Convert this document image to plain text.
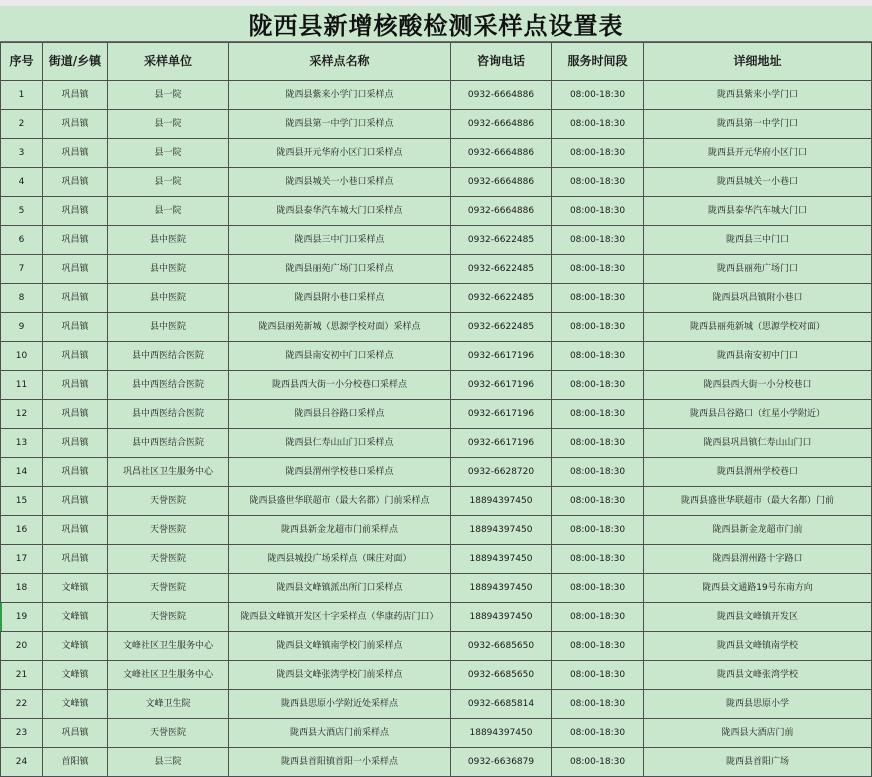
陇西县新增核酸检测采样点设置表
序号	街道/乡镇	采样单位	采样点名称	咨询电话	服务时间段	详细地址
1	巩昌镇	县一院	陇西县紫来小学门口采样点	0932-6664886	08:00-18:30	陇西县紫来小学门口
2	巩昌镇	县一院	陇西县第一中学门口采样点	0932-6664886	08:00-18:30	陇西县第一中学门口
3	巩昌镇	县一院	陇西县开元华府小区门口采样点	0932-6664886	08:00-18:30	陇西县开元华府小区门口
4	巩昌镇	县一院	陇西县城关一小巷口采样点	0932-6664886	08:00-18:30	陇西县城关一小巷口
5	巩昌镇	县一院	陇西县泰华汽车城大门口采样点	0932-6664886	08:00-18:30	陇西县泰华汽车城大门口
6	巩昌镇	县中医院	陇西县三中门口采样点	0932-6622485	08:00-18:30	陇西县三中门口
7	巩昌镇	县中医院	陇西县丽苑广场门口采样点	0932-6622485	08:00-18:30	陇西县丽苑广场门口
8	巩昌镇	县中医院	陇西县附小巷口采样点	0932-6622485	08:00-18:30	陇西县巩昌镇附小巷口
9	巩昌镇	县中医院	陇西县丽苑新城（思源学校对面）采样点	0932-6622485	08:00-18:30	陇西县丽苑新城（思源学校对面）
10	巩昌镇	县中西医结合医院	陇西县南安初中门口采样点	0932-6617196	08:00-18:30	陇西县南安初中门口
11	巩昌镇	县中西医结合医院	陇西县西大街一小分校巷口采样点	0932-6617196	08:00-18:30	陇西县西大街一小分校巷口
12	巩昌镇	县中西医结合医院	陇西县吕谷路口采样点	0932-6617196	08:00-18:30	陇西县吕谷路口（红星小学附近）
13	巩昌镇	县中西医结合医院	陇西县仁寿山山门口采样点	0932-6617196	08:00-18:30	陇西县巩昌镇仁寿山山门口
14	巩昌镇	巩昌社区卫生服务中心	陇西县渭州学校巷口采样点	0932-6628720	08:00-18:30	陇西县渭州学校巷口
15	巩昌镇	天誉医院	陇西县盛世华联超市（最大名都）门前采样点	18894397450	08:00-18:30	陇西县盛世华联超市（最大名都）门前
16	巩昌镇	天誉医院	陇西县新金龙超市门前采样点	18894397450	08:00-18:30	陇西县新金龙超市门前
17	巩昌镇	天誉医院	陇西县城投广场采样点（咪庄对面）	18894397450	08:00-18:30	陇西县渭州路十字路口
18	文峰镇	天誉医院	陇西县文峰镇派出所门口采样点	18894397450	08:00-18:30	陇西县文通路19号东南方向
19	文峰镇	天誉医院	陇西县文峰镇开发区十字采样点（华康药店门口）	18894397450	08:00-18:30	陇西县文峰镇开发区
20	文峰镇	文峰社区卫生服务中心	陇西县文峰镇南学校门前采样点	0932-6685650	08:00-18:30	陇西县文峰镇南学校
21	文峰镇	文峰社区卫生服务中心	陇西县文峰张湾学校门前采样点	0932-6685650	08:00-18:30	陇西县文峰张湾学校
22	文峰镇	文峰卫生院	陇西县思原小学附近处采样点	0932-6685814	08:00-18:30	陇西县思原小学
23	巩昌镇	天誉医院	陇西县大酒店门前采样点	18894397450	08:00-18:30	陇西县大酒店门前
24	首阳镇	县三院	陇西县首阳镇首阳一小采样点	0932-6636879	08:00-18:30	陇西县首阳广场
